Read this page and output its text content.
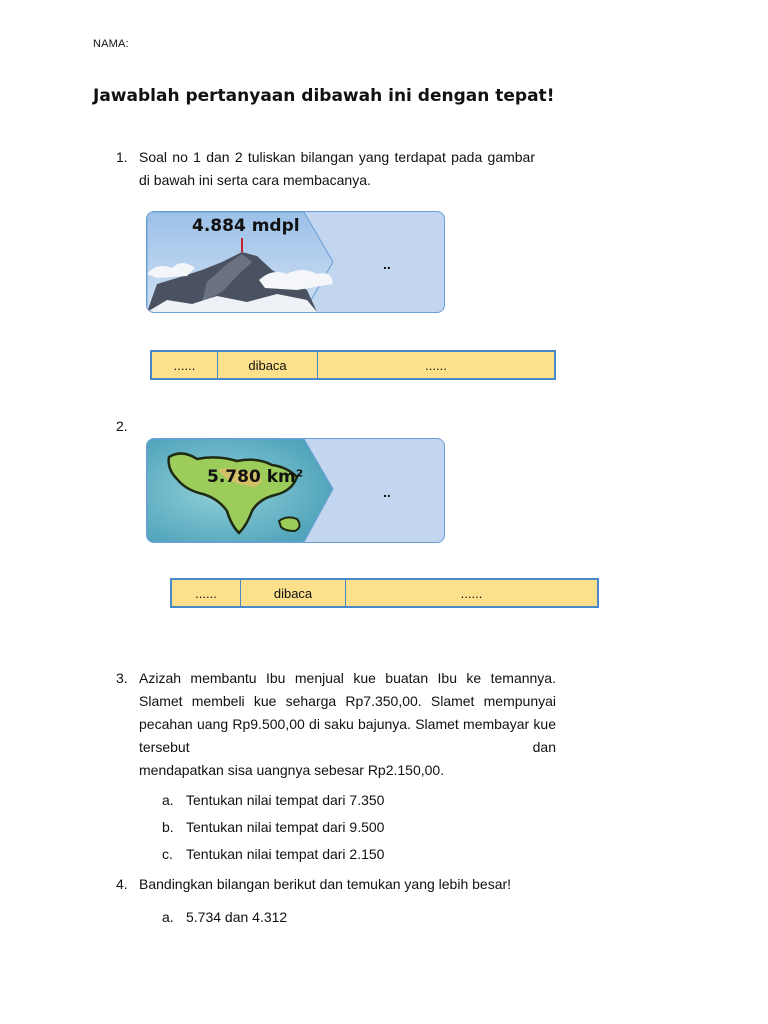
NAMA:
Jawablah pertanyaan dibawah ini dengan tepat!
1. Soal no 1 dan 2 tuliskan bilangan yang terdapat pada gambar di bawah ini serta cara membacanya.
4.884 mdpl
..
......	dibaca	......
2.
5.780 km²
..
......	dibaca	......
3. Azizah membantu Ibu menjual kue buatan Ibu ke temannya. Slamet membeli kue seharga Rp7.350,00. Slamet mempunyai pecahan uang Rp9.500,00 di saku bajunya. Slamet membayar kue tersebut dan
mendapatkan sisa uangnya sebesar Rp2.150,00.
a. Tentukan nilai tempat dari 7.350
b. Tentukan nilai tempat dari 9.500
c. Tentukan nilai tempat dari 2.150
4. Bandingkan bilangan berikut dan temukan yang lebih besar!
a. 5.734 dan 4.312
